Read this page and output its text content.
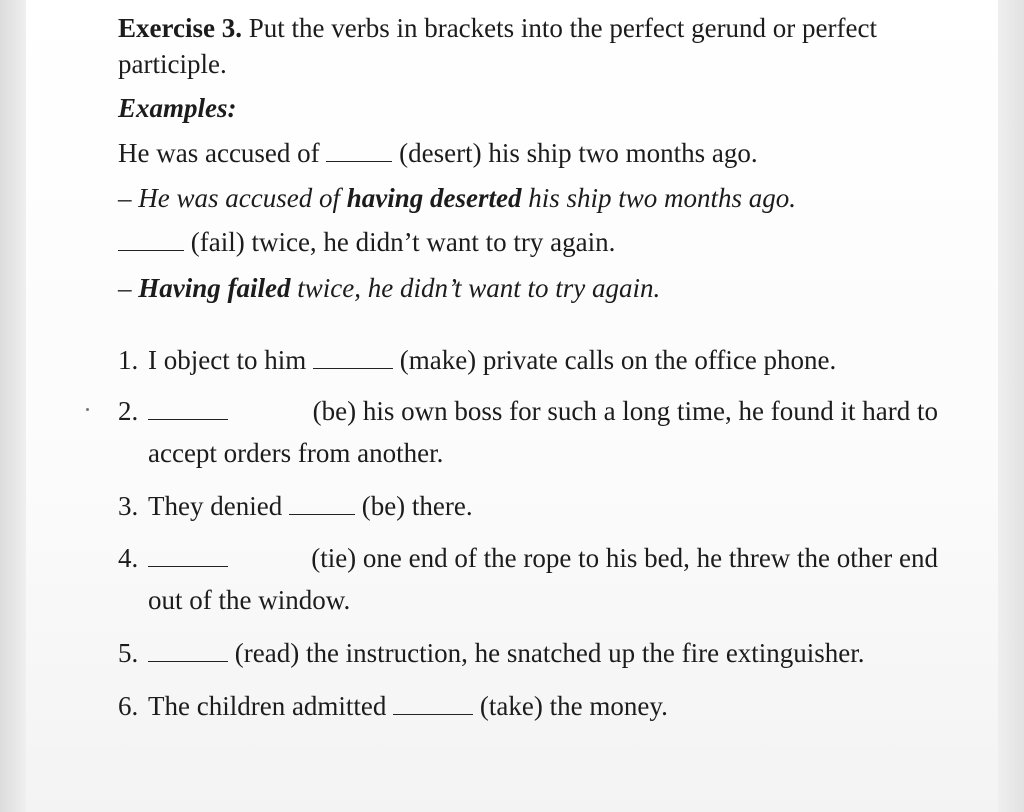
Exercise 3. Put the verbs in brackets into the perfect gerund or perfect
participle.
Examples:
He was accused of	(desert) his ship two months ago.
– He was accused of having deserted his ship two months ago.
(fail) twice, he didn’t want to try again.
– Having failed twice, he didn’t want to try again.
1. I object to him	(make) private calls on the office phone.
2.	(be) his own boss for such a long time, he found it hard to
accept orders from another.
3. They denied	(be) there.
4.	(tie) one end of the rope to his bed, he threw the other end
out of the window.
5.	(read) the instruction, he snatched up the fire extinguisher.
6. The children admitted	(take) the money.
